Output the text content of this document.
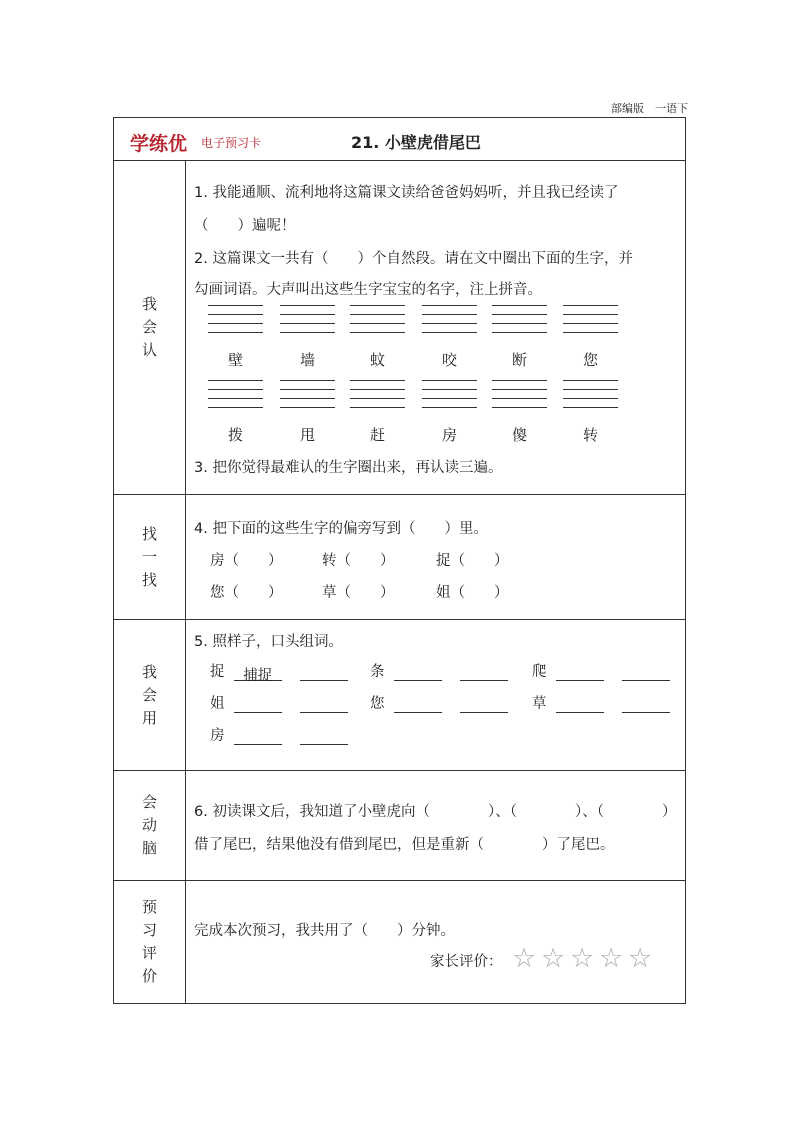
部编版　一语下
学练优 电子预习卡	21. 小壁虎借尾巴
我
会
认
1. 我能通顺、流利地将这篇课文读给爸爸妈妈听，并且我已经读了
（　　）遍呢！
2. 这篇课文一共有（　　）个自然段。请在文中圈出下面的生字，并
勾画词语。大声叫出这些生字宝宝的名字，注上拼音。
壁	墙	蚊	咬	断	您
拨	甩	赶	房	傻	转
3. 把你觉得最难认的生字圈出来，再认读三遍。
找
一
找
4. 把下面的这些生字的偏旁写到（　　）里。
房（　　）	转（　　）	捉（　　）
您（　　）	草（　　）	姐（　　）
我
会
用
5. 照样子，口头组词。
捉 捕捉	条	爬
姐	您	草
房
会
动
脑
6. 初读课文后，我知道了小壁虎向（　　　　）、（　　　　）、（　　　　）
借了尾巴，结果他没有借到尾巴，但是重新（　　　　）了尾巴。
预
习
评
价
完成本次预习，我共用了（　　）分钟。
家长评价： ☆ ☆ ☆ ☆ ☆
